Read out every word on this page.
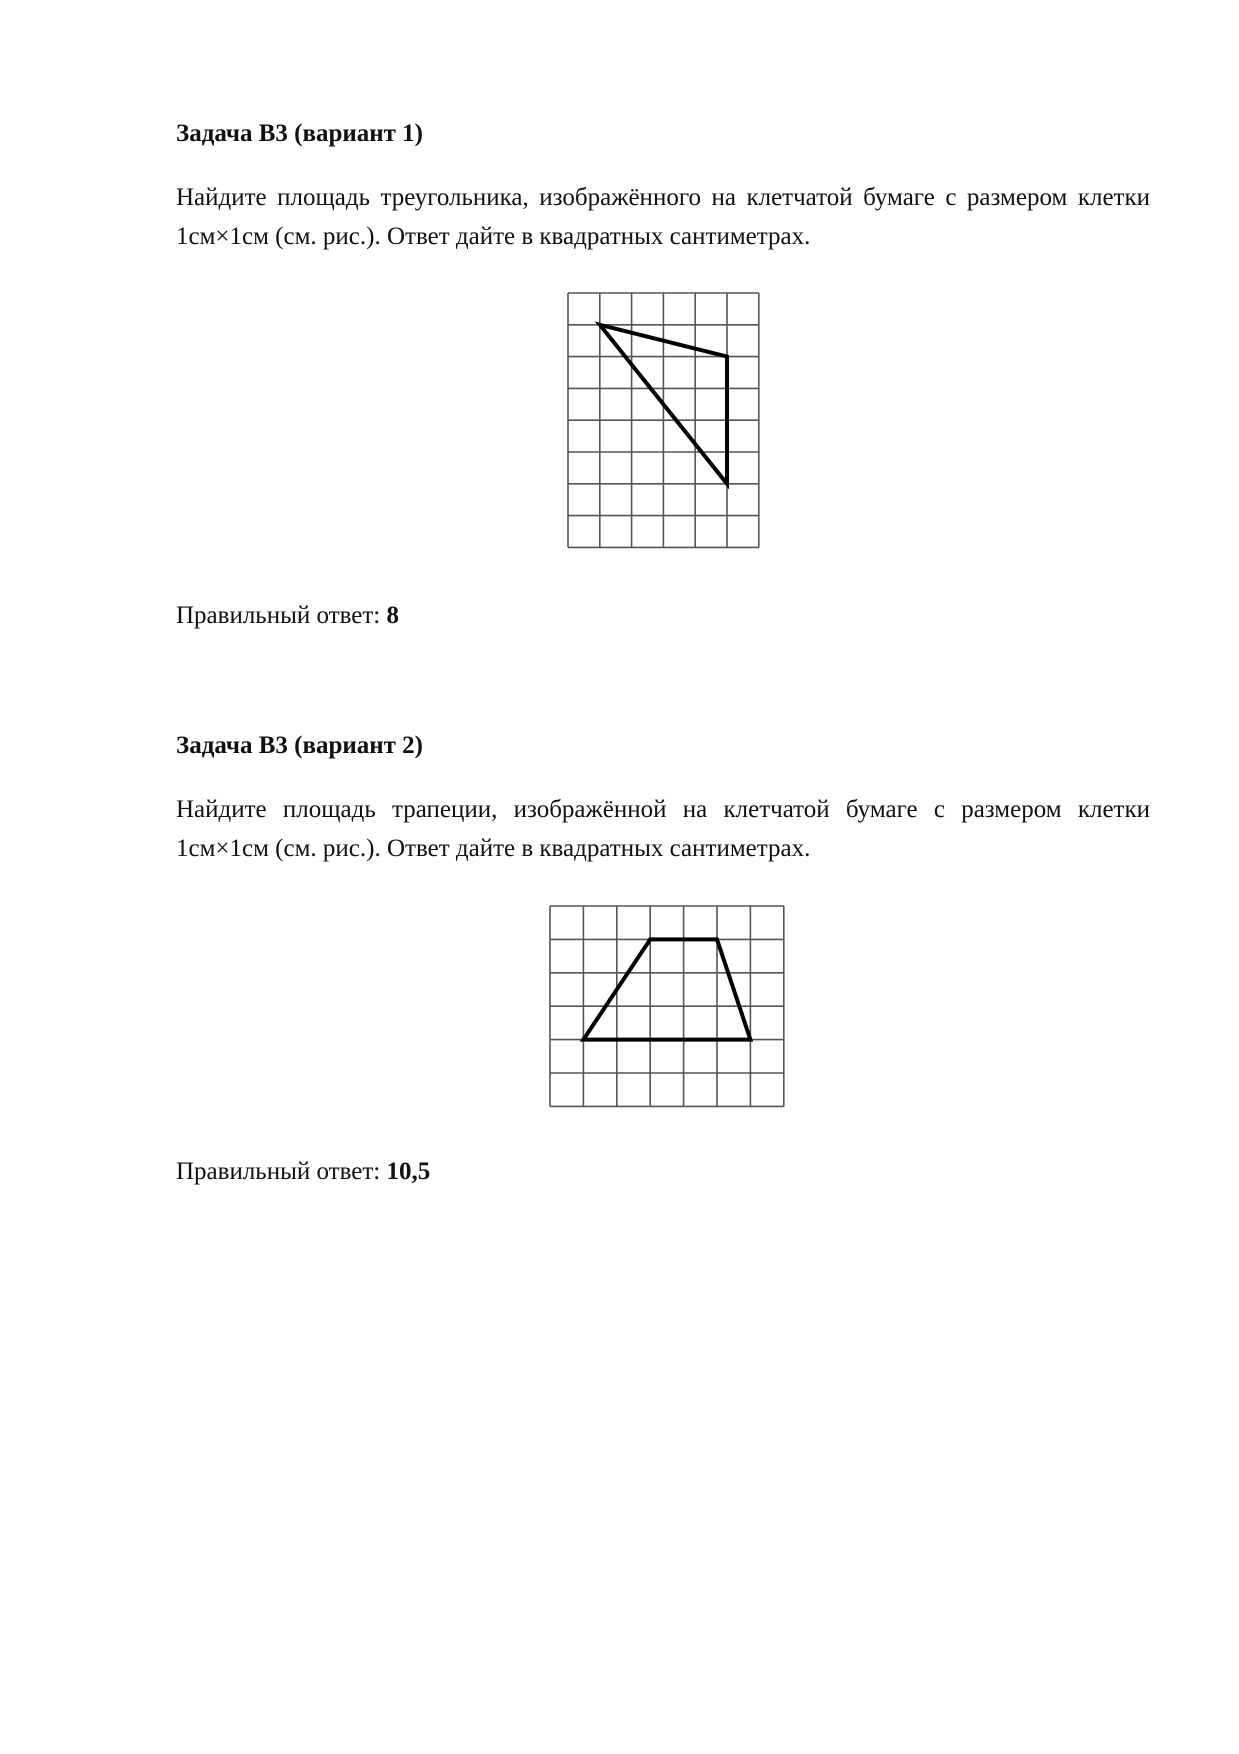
Задача B3 (вариант 1)

Найдите площадь треугольника, изображённого на клетчатой бумаге с размером клетки 1см×1см (см. рис.). Ответ дайте в квадратных сантиметрах.

Правильный ответ: 8

Задача B3 (вариант 2)

Найдите площадь трапеции, изображённой на клетчатой бумаге с размером клетки 1см×1см (см. рис.). Ответ дайте в квадратных сантиметрах.

Правильный ответ: 10,5
